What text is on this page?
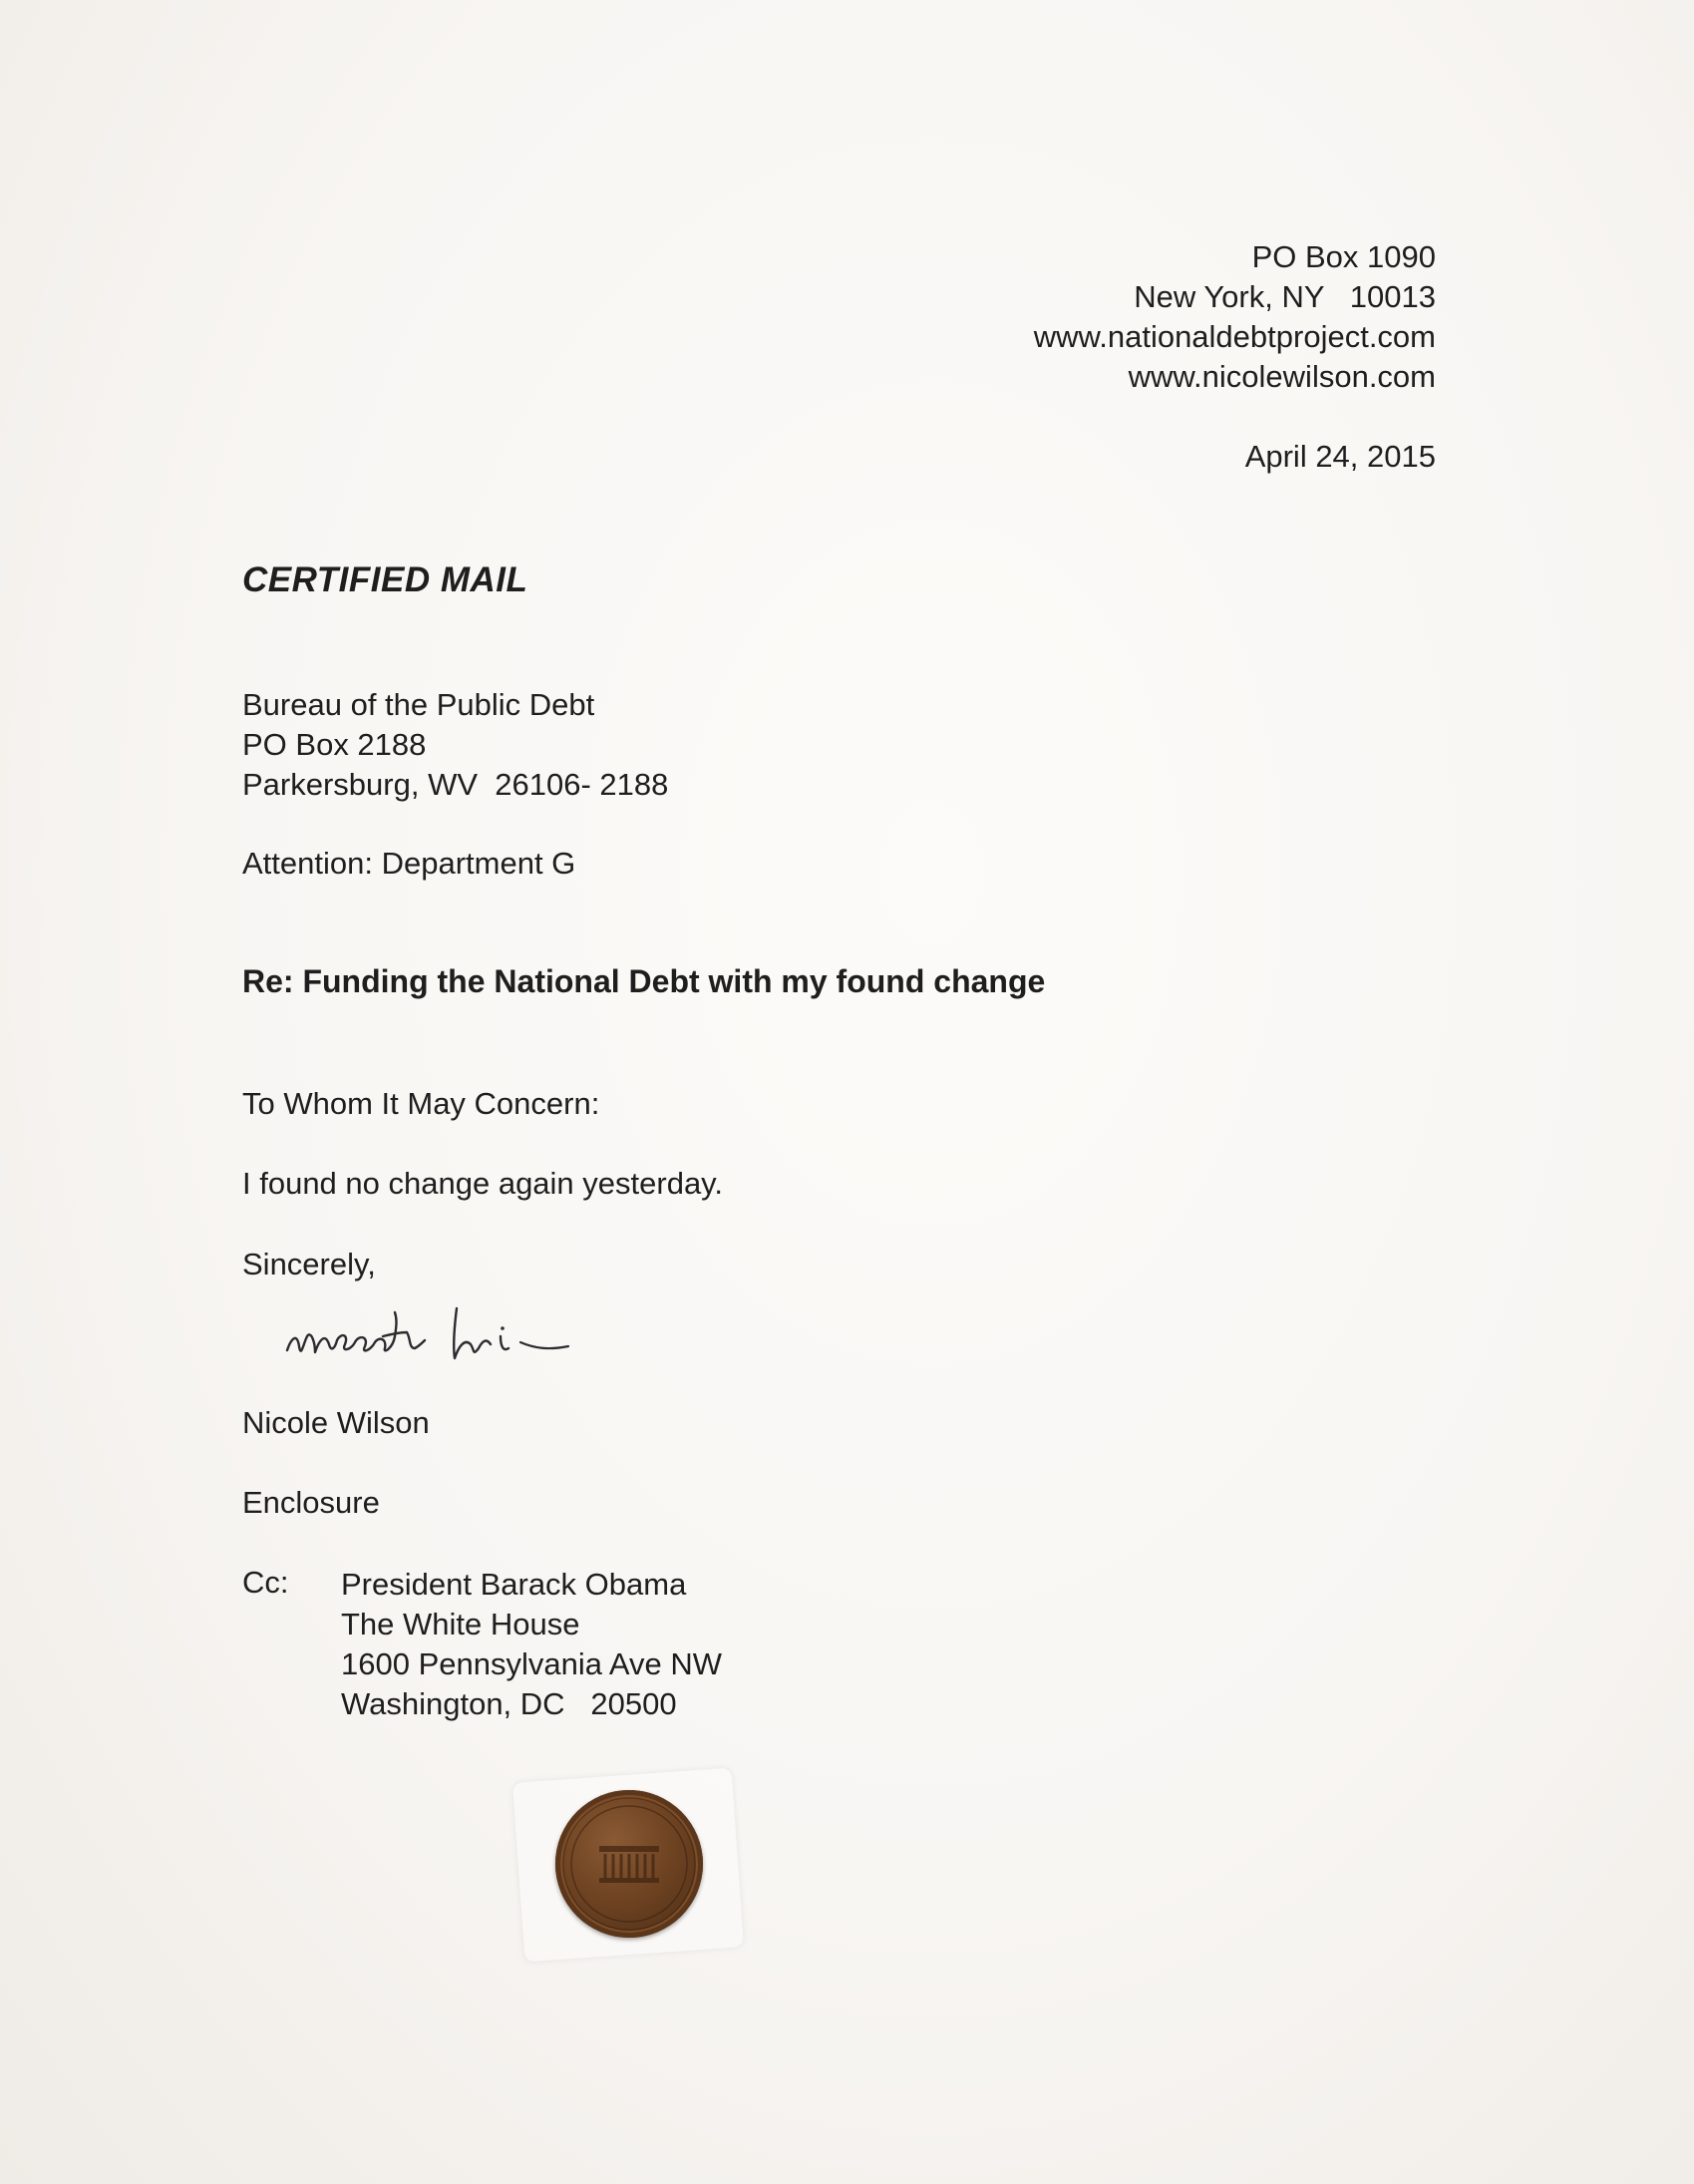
PO Box 1090
New York, NY   10013
www.nationaldebtproject.com
www.nicolewilson.com
April 24, 2015
CERTIFIED MAIL
Bureau of the Public Debt
PO Box 2188
Parkersburg, WV  26106- 2188
Attention: Department G
Re: Funding the National Debt with my found change
To Whom It May Concern:
I found no change again yesterday.
Sincerely,
Nicole Wilson
Enclosure
Cc: President Barack Obama
The White House
1600 Pennsylvania Ave NW
Washington, DC   20500
